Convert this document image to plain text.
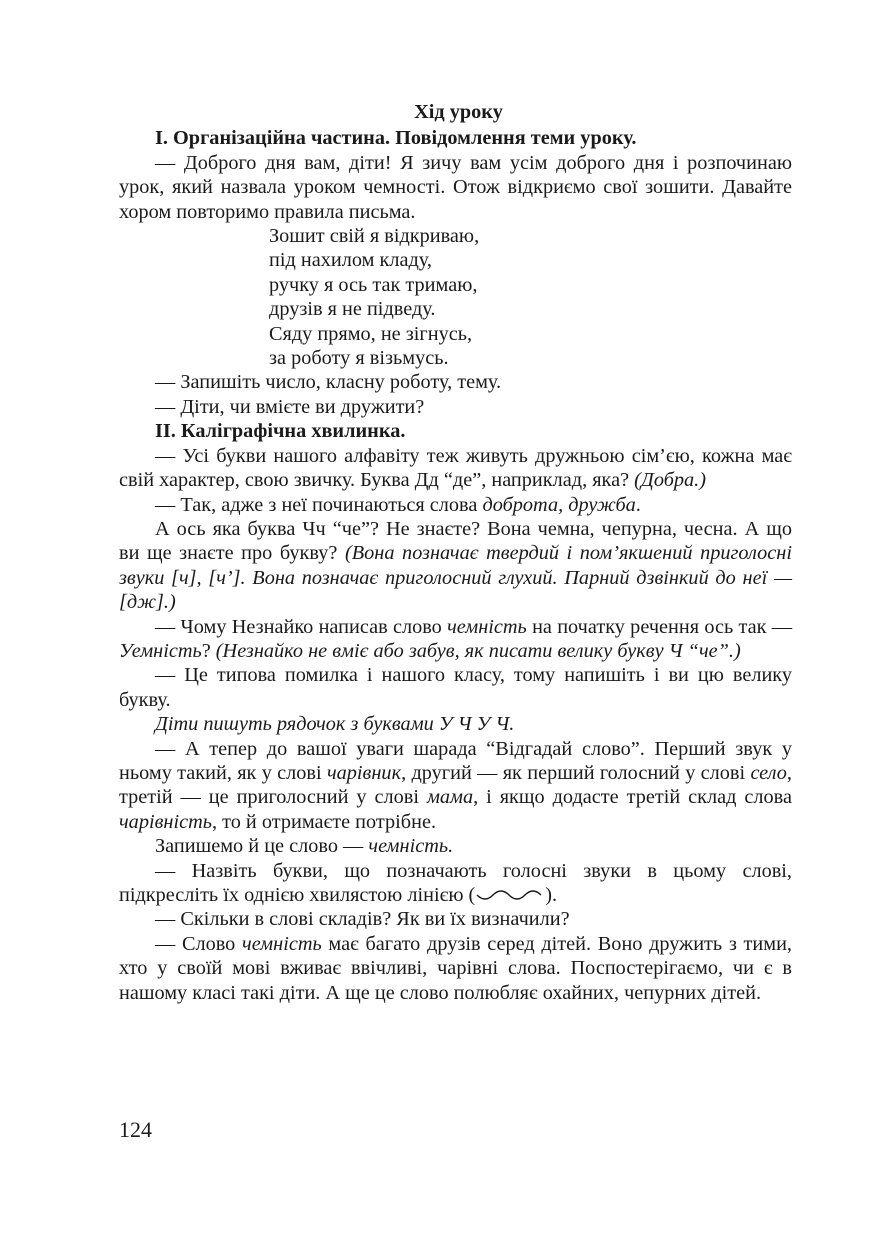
Хід уроку

І. Організаційна частина. Повідомлення теми уроку.

— Доброго дня вам, діти! Я зичу вам усім доброго дня і розпочинаю урок, який назвала уроком чемності. Отож відкриємо свої зошити. Давайте хором повторимо правила письма.

Зошит свій я відкриваю,
під нахилом кладу,
ручку я ось так тримаю,
друзів я не підведу.
Сяду прямо, не зігнусь,
за роботу я візьмусь.

— Запишіть число, класну роботу, тему.

— Діти, чи вмієте ви дружити?

ІІ. Каліграфічна хвилинка.

— Усі букви нашого алфавіту теж живуть дружньою сім’єю, кожна має свій характер, свою звичку. Буква Дд “де”, наприклад, яка? (Добра.)

— Так, адже з неї починаються слова доброта, дружба.

А ось яка буква Чч “че”? Не знаєте? Вона чемна, чепурна, чесна. А що ви ще знаєте про букву? (Вона позначає твердий і пом’якшений приголосні звуки [ч], [ч’]. Вона позначає приголосний глухий. Парний дзвінкий до неї — [дж].)

— Чому Незнайко написав слово чемність на початку речення ось так — Уемність? (Незнайко не вміє або забув, як писати велику букву Ч “че”.)

— Це типова помилка і нашого класу, тому напишіть і ви цю велику букву.

Діти пишуть рядочок з буквами У Ч У Ч.

— А тепер до вашої уваги шарада “Відгадай слово”. Перший звук у ньому такий, як у слові чарівник, другий — як перший голосний у слові село, третій — це приголосний у слові мама, і якщо додасте третій склад слова чарівність, то й отримаєте потрібне.

Запишемо й це слово — чемність.

— Назвіть букви, що позначають голосні звуки в цьому слові, підкресліть їх однією хвилястою лінією (	).

— Скільки в слові складів? Як ви їх визначили?

— Слово чемність має багато друзів серед дітей. Воно дружить з тими, хто у своїй мові вживає ввічливі, чарівні слова. Поспостерігаємо, чи є в нашому класі такі діти. А ще це слово полюбляє охайних, чепурних дітей.

124
